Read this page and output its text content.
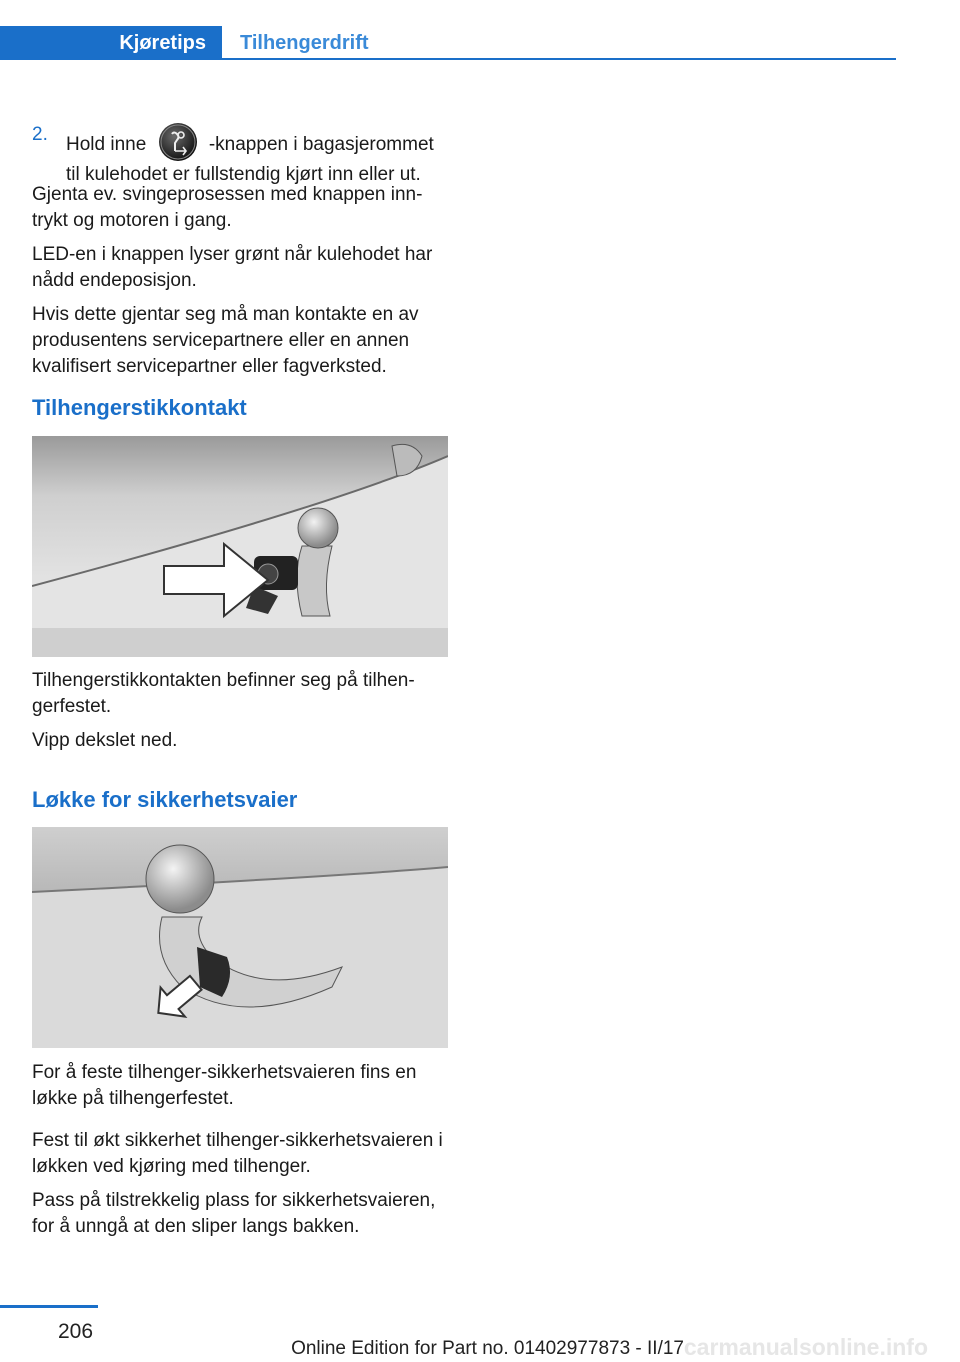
Kjøretips	Tilhengerdrift
2. Hold inne	-knappen i bagasjerommet til kulehodet er fullstendig kjørt inn eller ut.

Gjenta ev. svingeprosessen med knappen inntrykt og motoren i gang.

LED-en i knappen lyser grønt når kulehodet har nådd endeposisjon.

Hvis dette gjentar seg må man kontakte en av produsentens servicepartnere eller en annen kvalifisert servicepartner eller fagverksted.

Tilhengerstikkontakt

Tilhengerstikkontakten befinner seg på tilhengerfestet.

Vipp dekslet ned.

Løkke for sikkerhetsvaier

For å feste tilhenger-sikkerhetsvaieren fins en løkke på tilhengerfestet.

Fest til økt sikkerhet tilhenger-sikkerhetsvaieren i løkken ved kjøring med tilhenger.

Pass på tilstrekkelig plass for sikkerhetsvaieren, for å unngå at den sliper langs bakken.

206
Online Edition for Part no. 01402977873 - II/17 carmanualsonline.info
